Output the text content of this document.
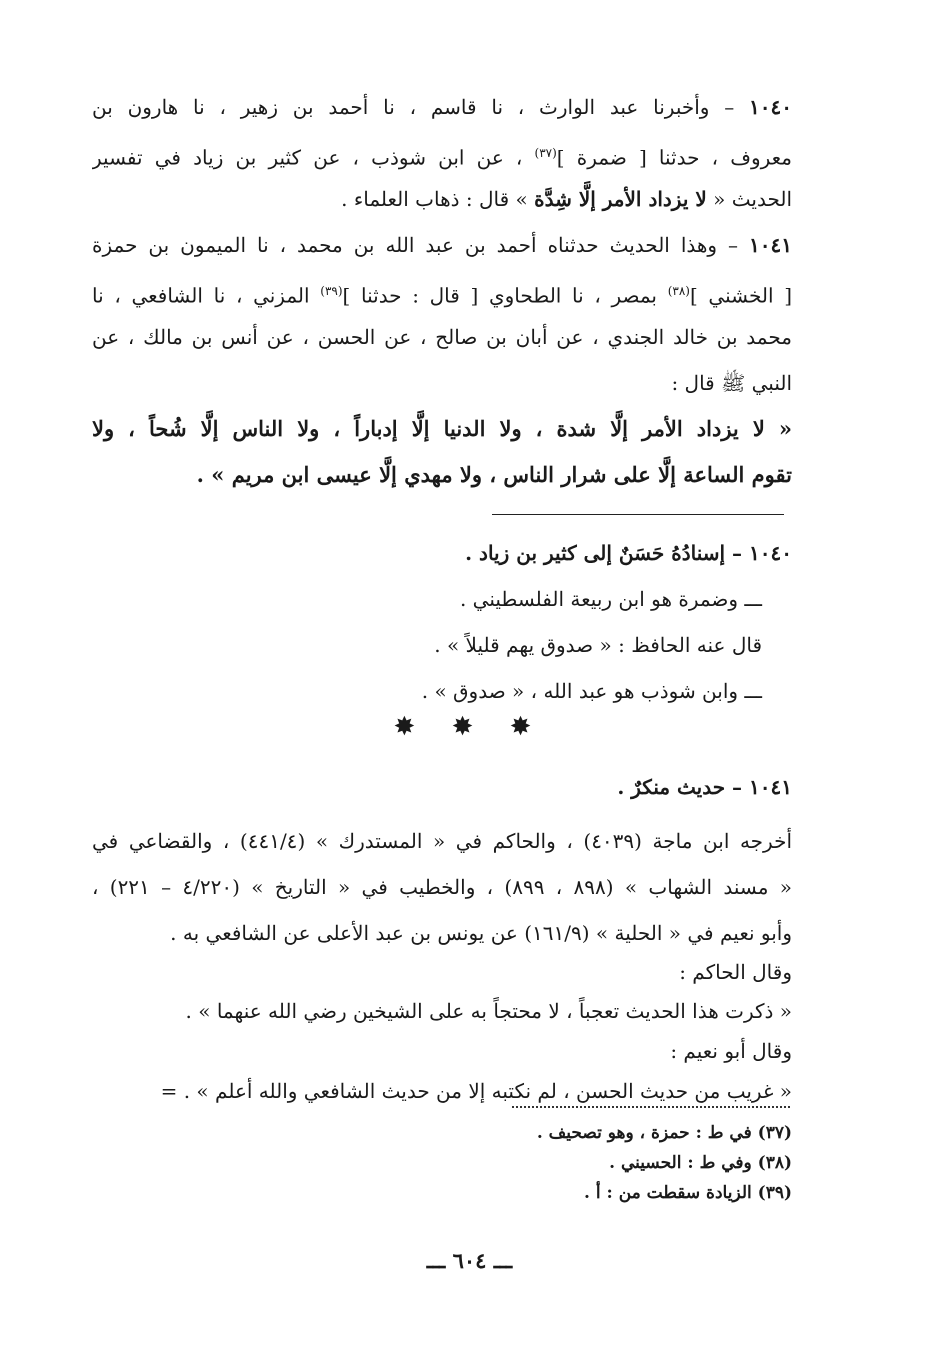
١٠٤٠ – وأخبرنا عبد الوارث ، نا قاسم ، نا أحمد بن زهير ، نا هارون بن
معروف ، حدثنا [ ضمرة ]$^{(٣٧)}$ ، عن ابن شوذب ، عن كثير بن زياد في تفسير
الحديث « لا يزداد الأمر إلَّا شِدَّة » قال : ذهاب العلماء .
١٠٤١ – وهذا الحديث حدثناه أحمد بن عبد الله بن محمد ، نا الميمون بن حمزة
[ الخشني ]$^{(٣٨)}$ بمصر ، نا الطحاوي [ قال : حدثنا ]$^{(٣٩)}$ المزني ، نا الشافعي ، نا
محمد بن خالد الجندي ، عن أبان بن صالح ، عن الحسن ، عن أنس بن مالك ، عن
النبي ﷺ قال :
« لا يزداد الأمر إلَّا شدة ، ولا الدنيا إلَّا إدباراً ، ولا الناس إلَّا شُحاً ، ولا
تقوم الساعة إلَّا على شرار الناس ، ولا مهدي إلَّا عيسى ابن مريم » .
١٠٤٠ – إسنادُهُ حَسَنٌ إلى كثير بن زياد .
ـــ وضمرة هو ابن ربيعة الفلسطيني .
قال عنه الحافظ : « صدوق يهم قليلاً » .
ـــ وابن شوذب هو عبد الله ، « صدوق » .
✸ ✸ ✸
١٠٤١ – حديث منكرٌ .
أخرجه ابن ماجة (٤٠٣٩) ، والحاكم في « المستدرك » (٤٤١/٤) ، والقضاعي في
« مسند الشهاب » (٨٩٨ ، ٨٩٩) ، والخطيب في « التاريخ » (٤/٢٢٠ – ٢٢١) ،
وأبو نعيم في « الحلية » (١٦١/٩) عن يونس بن عبد الأعلى عن الشافعي به .
وقال الحاكم :
« ذكرت هذا الحديث تعجباً ، لا محتجاً به على الشيخين رضي الله عنهما » .
وقال أبو نعيم :
« غريب من حديث الحسن ، لم نكتبه إلا من حديث الشافعي والله أعلم » . =
(٣٧) في ط : حمزة ، وهو تصحيف .
(٣٨) وفي ط : الحسيني .
(٣٩) الزيادة سقطت من : أ .
ـــ ٦٠٤ ـــ
